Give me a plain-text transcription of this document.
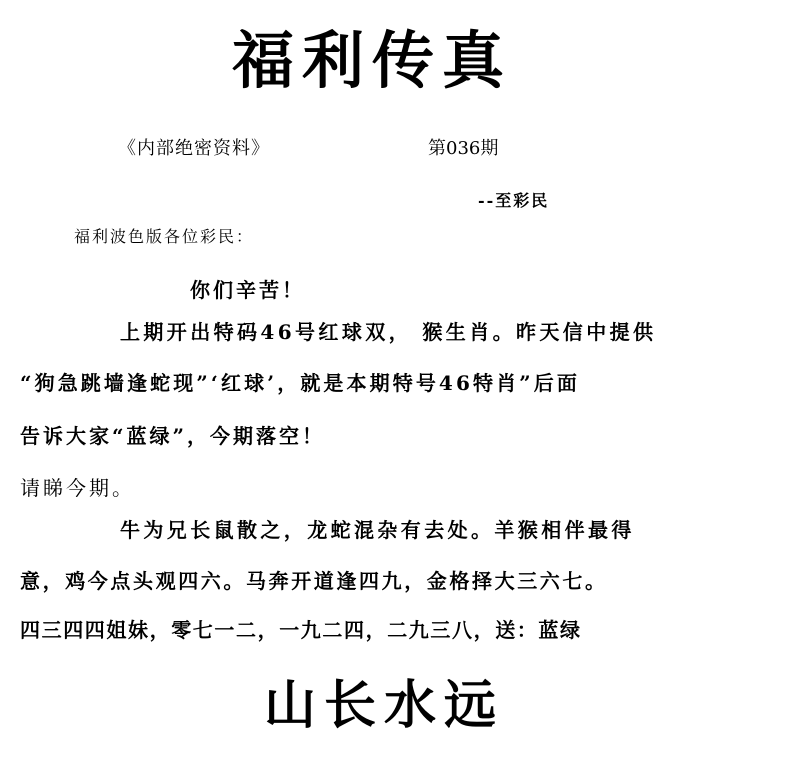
福利传真
《内部绝密资料》	第036期
--至彩民
福利波色版各位彩民：
你们辛苦！
上期开出特码46号红球双， 猴生肖。昨天信中提供
“狗急跳墙逢蛇现”‘红球’，就是本期特号46特肖”后面
告诉大家“蓝绿”，今期落空！
请睇今期。
牛为兄长鼠散之，龙蛇混杂有去处。羊猴相伴最得
意，鸡今点头观四六。马奔开道逢四九，金格择大三六七。
四三四四姐妹，零七一二，一九二四，二九三八，送：蓝绿
山长水远
